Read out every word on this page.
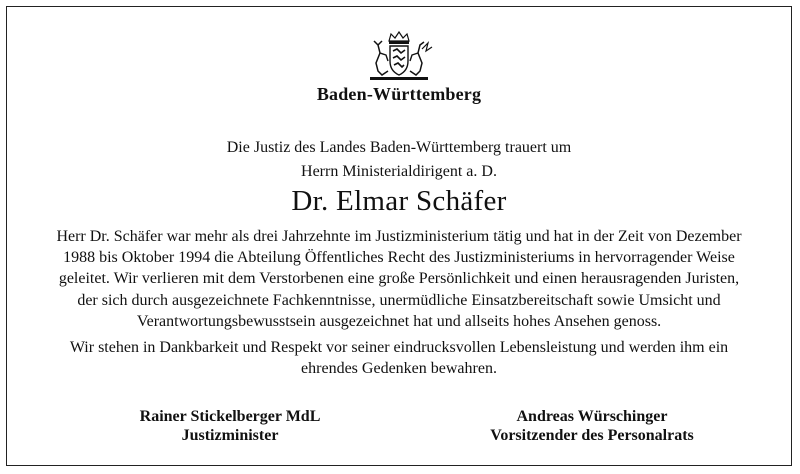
Baden-Württemberg
Die Justiz des Landes Baden-Württemberg trauert um
Herrn Ministerialdirigent a. D.
Dr. Elmar Schäfer
Herr Dr. Schäfer war mehr als drei Jahrzehnte im Justizministerium tätig und hat in der Zeit von Dezember 1988 bis Oktober 1994 die Abteilung Öffentliches Recht des Justizministeriums in hervorragender Weise geleitet. Wir verlieren mit dem Verstorbenen eine große Persönlichkeit und einen herausragenden Juristen, der sich durch ausgezeichnete Fachkenntnisse, unermüdliche Einsatzbereitschaft sowie Umsicht und Verantwortungsbewusstsein ausgezeichnet hat und allseits hohes Ansehen genoss.
Wir stehen in Dankbarkeit und Respekt vor seiner eindrucksvollen Lebensleistung und werden ihm ein ehrendes Gedenken bewahren.
Rainer Stickelberger MdL
Justizminister
Andreas Würschinger
Vorsitzender des Personalrats
